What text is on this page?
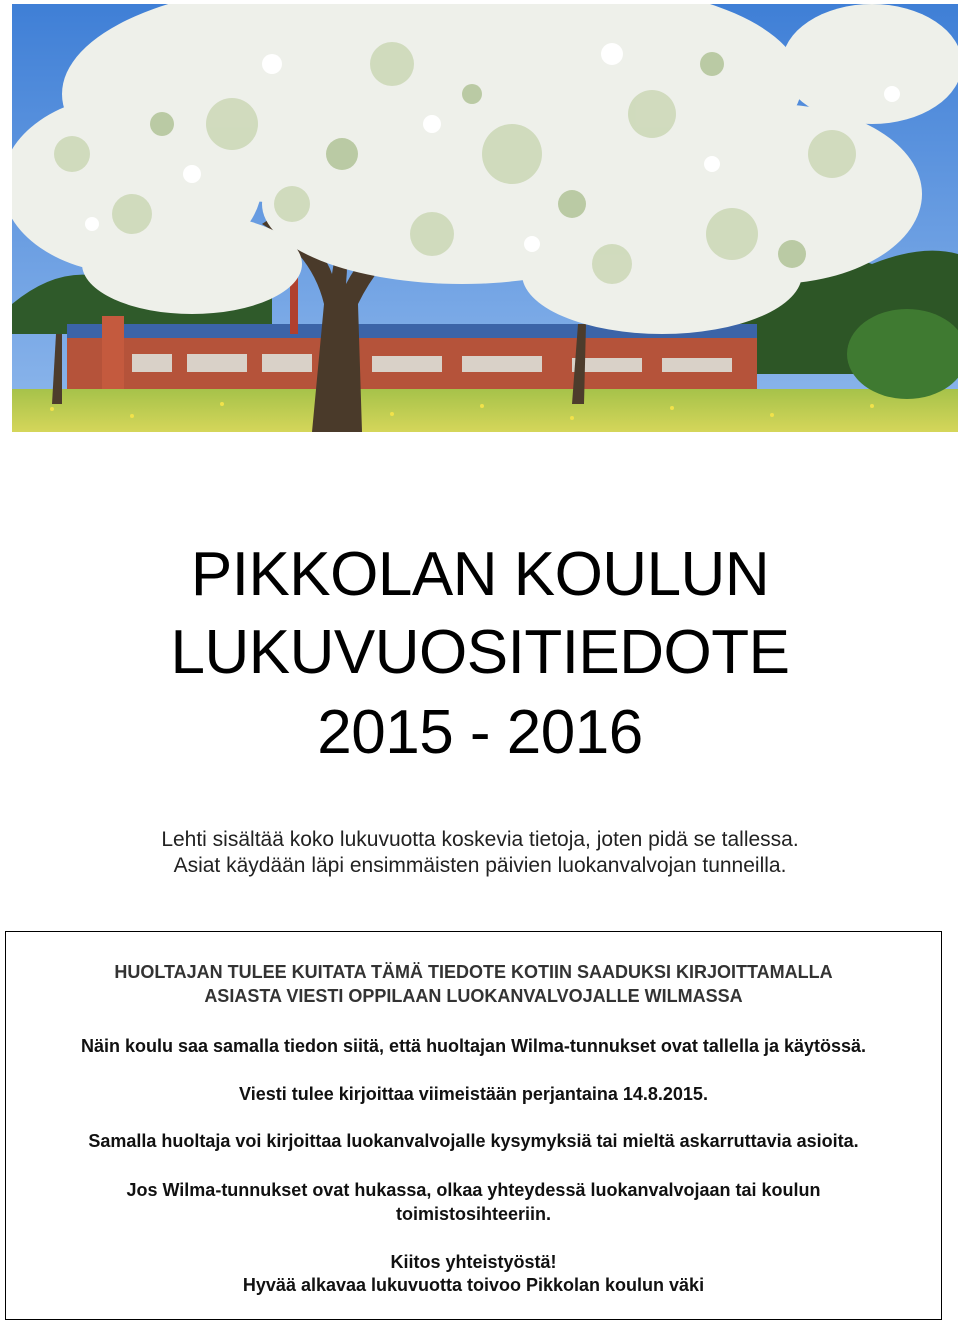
PIKKOLAN KOULUN
LUKUVUOSITIEDOTE
2015 - 2016
Lehti sisältää koko lukuvuotta koskevia tietoja, joten pidä se tallessa.
Asiat käydään läpi ensimmäisten päivien luokanvalvojan tunneilla.

HUOLTAJAN TULEE KUITATA TÄMÄ TIEDOTE KOTIIN SAADUKSI KIRJOITTAMALLA

ASIASTA VIESTI OPPILAAN LUOKANVALVOJALLE WILMASSA

Näin koulu saa samalla tiedon siitä, että huoltajan Wilma-tunnukset ovat tallella ja käytössä.

Viesti tulee kirjoittaa viimeistään perjantaina 14.8.2015.

Samalla huoltaja voi kirjoittaa luokanvalvojalle kysymyksiä tai mieltä askarruttavia asioita.

Jos Wilma-tunnukset ovat hukassa, olkaa yhteydessä luokanvalvojaan tai koulun

toimistosihteeriin.

Kiitos yhteistyöstä!

Hyvää alkavaa lukuvuotta toivoo Pikkolan koulun väki
